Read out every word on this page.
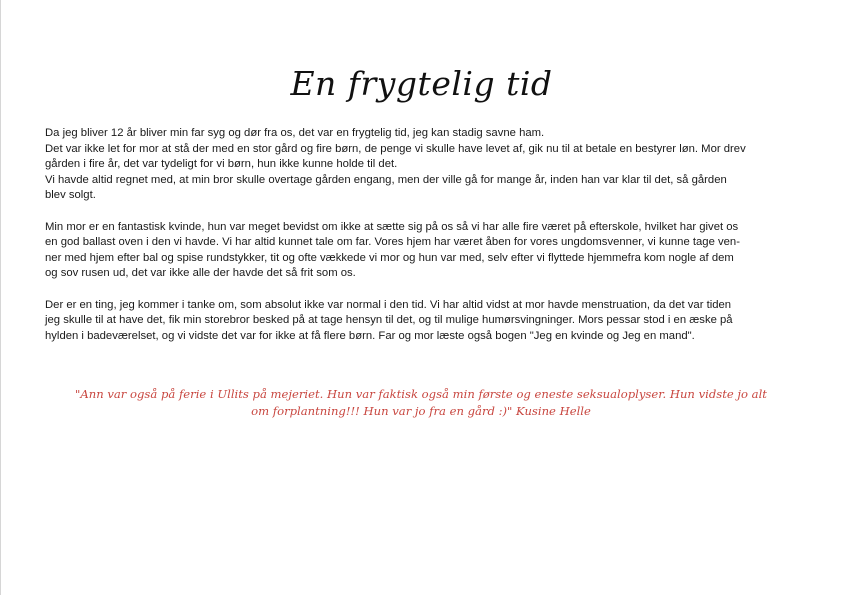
En frygtelig tid

Da jeg bliver 12 år bliver min far syg og dør fra os, det var en frygtelig tid, jeg kan stadig savne ham.
Det var ikke let for mor at stå der med en stor gård og fire børn, de penge vi skulle have levet af, gik nu til at betale en bestyrer løn. Mor drev
gården i fire år, det var tydeligt for vi børn, hun ikke kunne holde til det.
Vi havde altid regnet med, at min bror skulle overtage gården engang, men der ville gå for mange år, inden han var klar til det, så gården
blev solgt.

Min mor er en fantastisk kvinde, hun var meget bevidst om ikke at sætte sig på os så vi har alle fire været på efterskole, hvilket har givet os
en god ballast oven i den vi havde. Vi har altid kunnet tale om far. Vores hjem har været åben for vores ungdomsvenner, vi kunne tage ven-
ner med hjem efter bal og spise rundstykker, tit og ofte vækkede vi mor og hun var med, selv efter vi flyttede hjemmefra kom nogle af dem
og sov rusen ud, det var ikke alle der havde det så frit som os.

Der er en ting, jeg kommer i tanke om, som absolut ikke var normal i den tid. Vi har altid vidst at mor havde menstruation, da det var tiden
jeg skulle til at have det, fik min storebror besked på at tage hensyn til det, og til mulige humørsvingninger. Mors pessar stod i en æske på
hylden i badeværelset, og vi vidste det var for ikke at få flere børn. Far og mor læste også bogen "Jeg en kvinde og Jeg en mand".

"Ann var også på ferie i Ullits på mejeriet. Hun var faktisk også min første og eneste seksualoplyser. Hun vidste jo alt
om forplantning!!! Hun var jo fra en gård :)" Kusine Helle
